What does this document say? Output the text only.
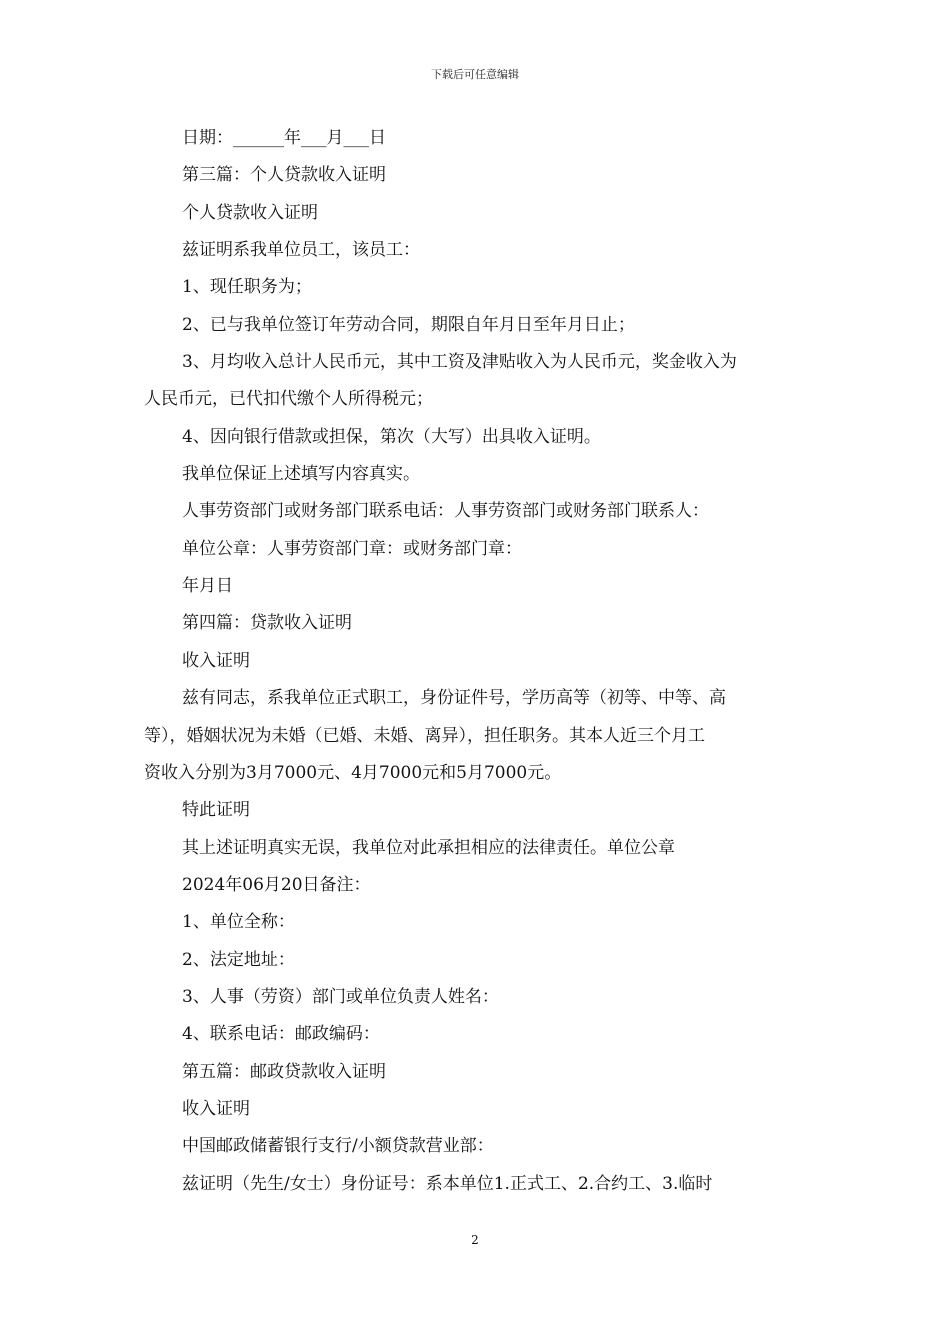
下载后可任意编辑
日期：______年___月___日
第三篇：个人贷款收入证明
个人贷款收入证明
兹证明系我单位员工，该员工：
1、现任职务为；
2、已与我单位签订年劳动合同，期限自年月日至年月日止；
3、月均收入总计人民币元，其中工资及津贴收入为人民币元，奖金收入为
人民币元，已代扣代缴个人所得税元；
4、因向银行借款或担保，第次（大写）出具收入证明。
我单位保证上述填写内容真实。
人事劳资部门或财务部门联系电话：人事劳资部门或财务部门联系人：
单位公章：人事劳资部门章：或财务部门章：
年月日
第四篇：贷款收入证明
收入证明
兹有同志，系我单位正式职工，身份证件号，学历高等（初等、中等、高
等），婚姻状况为未婚（已婚、未婚、离异），担任职务。其本人近三个月工
资收入分别为3月7000元、4月7000元和5月7000元。
特此证明
其上述证明真实无误，我单位对此承担相应的法律责任。单位公章
2024年06月20日备注：
1、单位全称：
2、法定地址：
3、人事（劳资）部门或单位负责人姓名：
4、联系电话：邮政编码：
第五篇：邮政贷款收入证明
收入证明
中国邮政储蓄银行支行/小额贷款营业部：
兹证明（先生/女士）身份证号：系本单位1.正式工、2.合约工、3.临时
2
